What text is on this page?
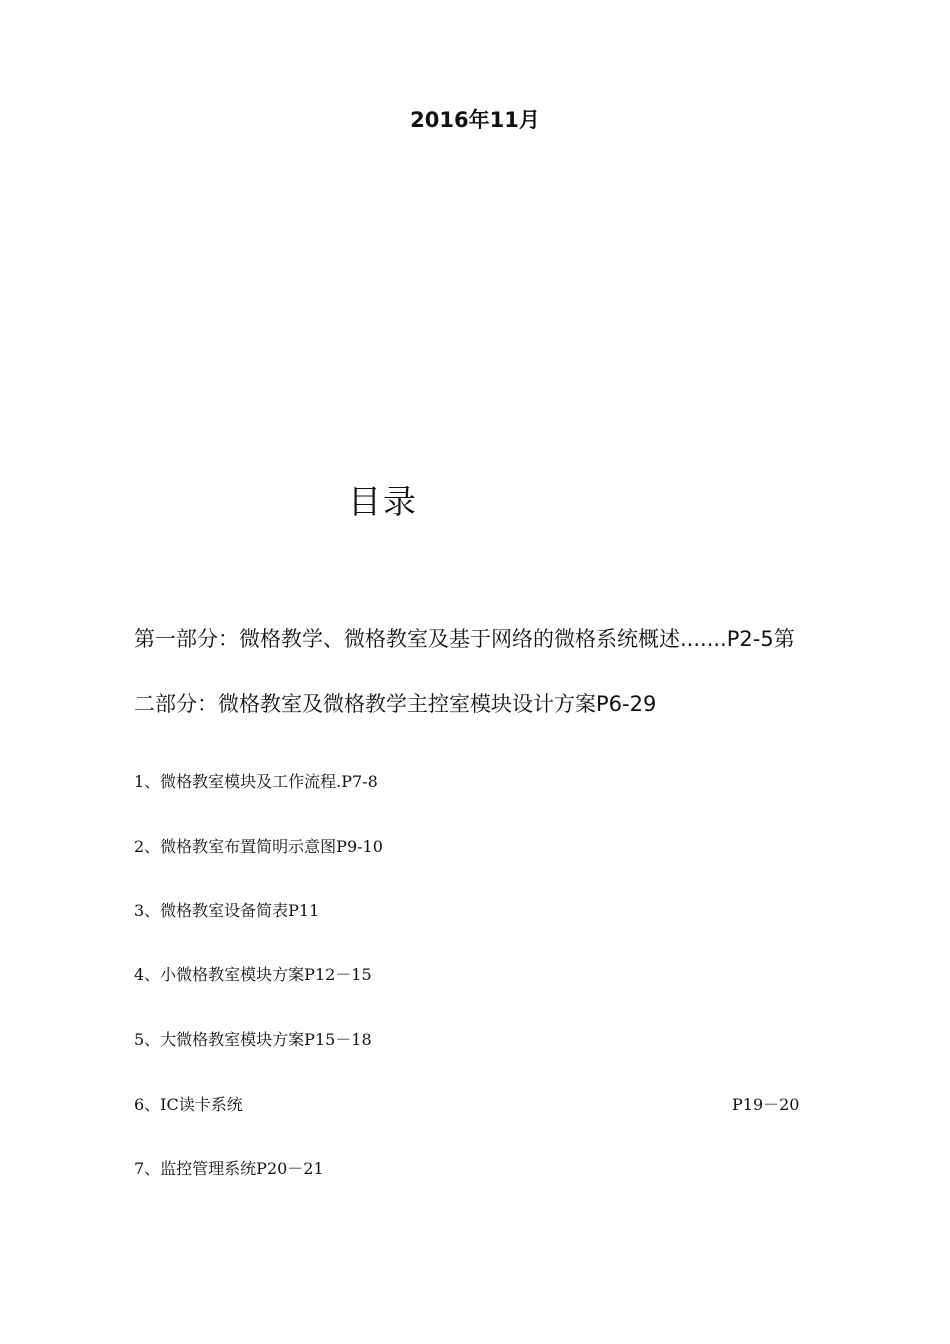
2016年11月
目录
第一部分：微格教学、微格教室及基于网络的微格系统概述.......P2-5第
二部分：微格教室及微格教学主控室模块设计方案P6-29
1、微格教室模块及工作流程.P7-8
2、微格教室布置简明示意图P9-10
3、微格教室设备简表P11
4、小微格教室模块方案P12－15
5、大微格教室模块方案P15－18
6、IC读卡系统	P19－20
7、监控管理系统P20－21
